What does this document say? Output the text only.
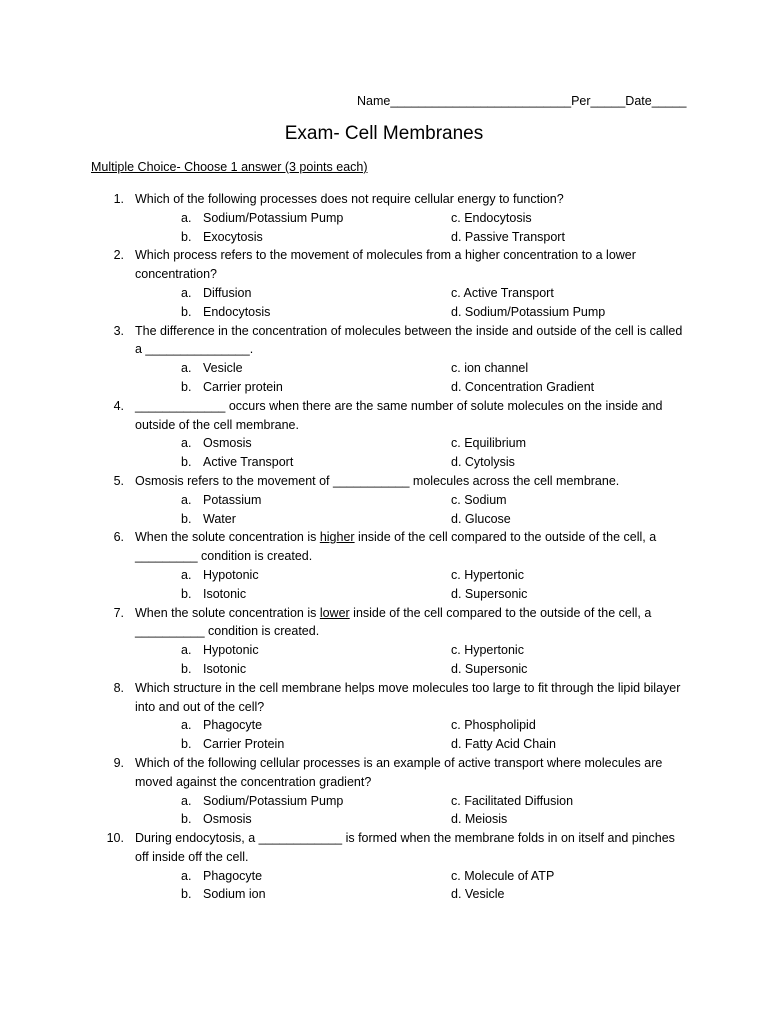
Name__________________________Per_____Date_____
Exam- Cell Membranes
Multiple Choice- Choose 1 answer (3 points each)
1. Which of the following processes does not require cellular energy to function?
a. Sodium/Potassium Pump
b. Exocytosis
c. Endocytosis
d. Passive Transport
2. Which process refers to the movement of molecules from a higher concentration to a lower concentration?
a. Diffusion
b. Endocytosis
c. Active Transport
d. Sodium/Potassium Pump
3. The difference in the concentration of molecules between the inside and outside of the cell is called a _______________.
a. Vesicle
b. Carrier protein
c. ion channel
d. Concentration Gradient
4. _____________ occurs when there are the same number of solute molecules on the inside and outside of the cell membrane.
a. Osmosis
b. Active Transport
c. Equilibrium
d. Cytolysis
5. Osmosis refers to the movement of ___________ molecules across the cell membrane.
a. Potassium
b. Water
c. Sodium
d. Glucose
6. When the solute concentration is higher inside of the cell compared to the outside of the cell, a _________ condition is created.
a. Hypotonic
b. Isotonic
c. Hypertonic
d. Supersonic
7. When the solute concentration is lower inside of the cell compared to the outside of the cell, a __________ condition is created.
a. Hypotonic
b. Isotonic
c. Hypertonic
d. Supersonic
8. Which structure in the cell membrane helps move molecules too large to fit through the lipid bilayer into and out of the cell?
a. Phagocyte
b. Carrier Protein
c. Phospholipid
d. Fatty Acid Chain
9. Which of the following cellular processes is an example of active transport where molecules are moved against the concentration gradient?
a. Sodium/Potassium Pump
b. Osmosis
c. Facilitated Diffusion
d. Meiosis
10. During endocytosis, a ____________ is formed when the membrane folds in on itself and pinches off inside off the cell.
a. Phagocyte
b. Sodium ion
c. Molecule of ATP
d. Vesicle
